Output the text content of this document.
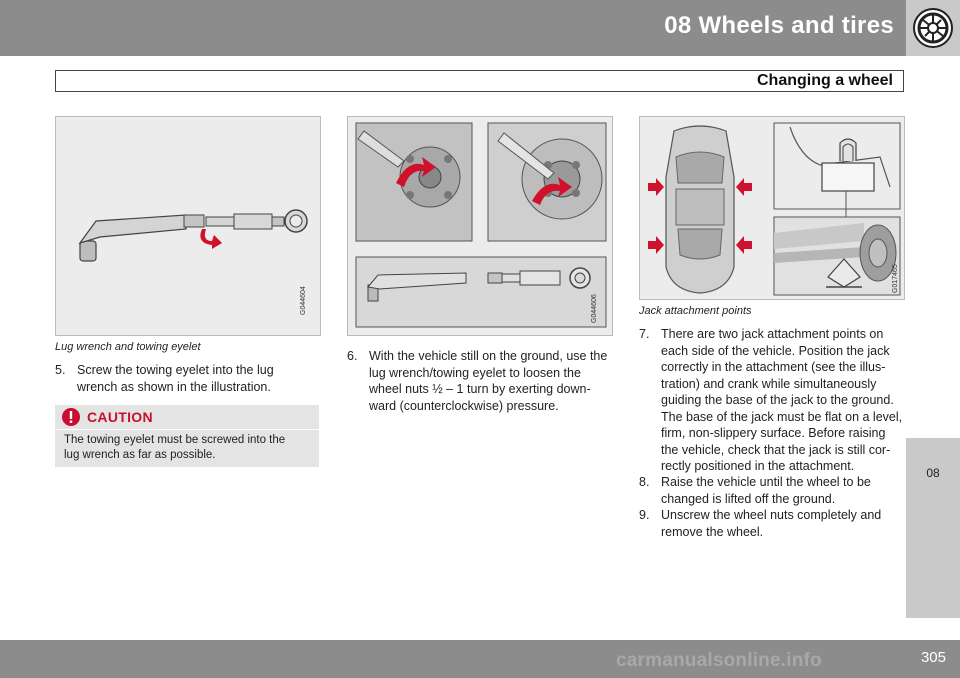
08 Wheels and tires
Changing a wheel
G044604
Lug wrench and towing eyelet
5. Screw the towing eyelet into the lug
wrench as shown in the illustration.
CAUTION
The towing eyelet must be screwed into the
lug wrench as far as possible.
G044606
6. With the vehicle still on the ground, use the
lug wrench/towing eyelet to loosen the
wheel nuts ½ – 1 turn by exerting down-
ward (counterclockwise) pressure.
G017465
Jack attachment points
7. There are two jack attachment points on
each side of the vehicle. Position the jack
correctly in the attachment (see the illus-
tration) and crank while simultaneously
guiding the base of the jack to the ground.
The base of the jack must be flat on a level,
firm, non-slippery surface. Before raising
the vehicle, check that the jack is still cor-
rectly positioned in the attachment.
8. Raise the vehicle until the wheel to be
changed is lifted off the ground.
9. Unscrew the wheel nuts completely and
remove the wheel.
08
305
carmanualsonline.info
